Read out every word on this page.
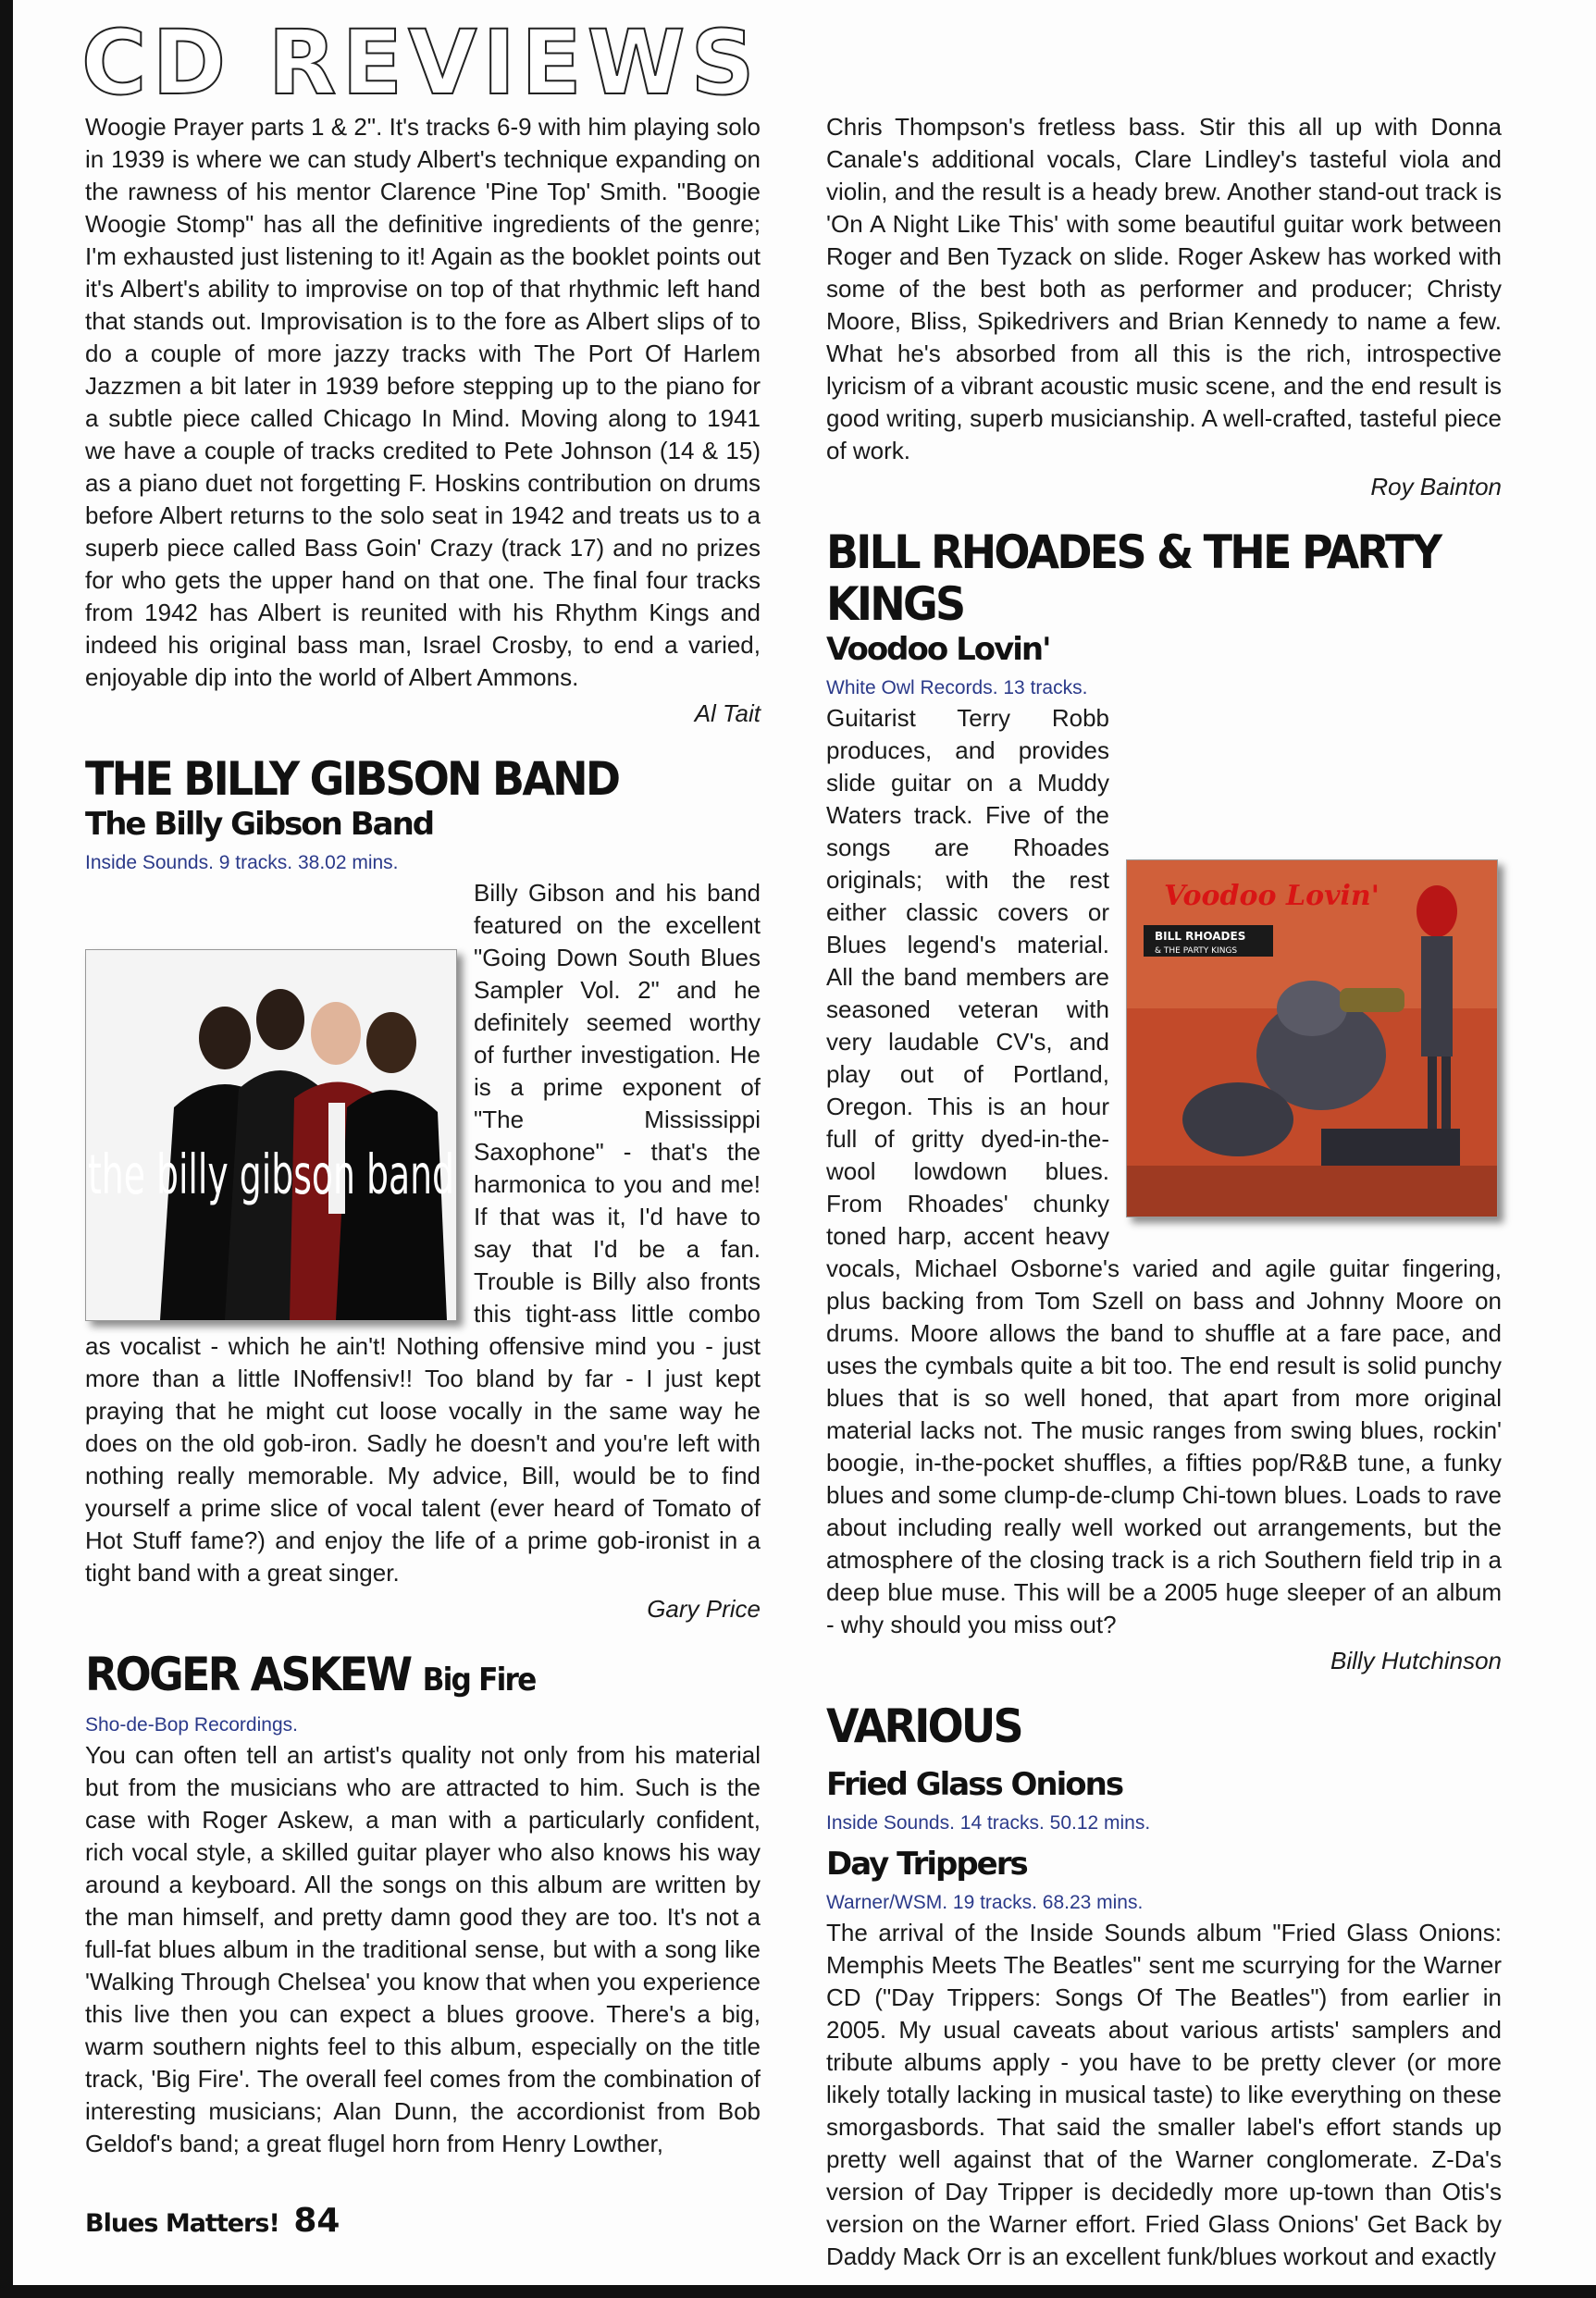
CD REVIEWS

Woogie Prayer parts 1 & 2". It's tracks 6-9 with him playing solo in 1939 is where we can study Albert's technique expanding on the rawness of his mentor Clarence 'Pine Top' Smith. "Boogie Woogie Stomp" has all the definitive ingredients of the genre; I'm exhausted just listening to it! Again as the booklet points out it's Albert's ability to improvise on top of that rhythmic left hand that stands out. Improvisation is to the fore as Albert slips of to do a couple of more jazzy tracks with The Port Of Harlem Jazzmen a bit later in 1939 before stepping up to the piano for a subtle piece called Chicago In Mind. Moving along to 1941 we have a couple of tracks credited to Pete Johnson (14 & 15) as a piano duet not forgetting F. Hoskins contribution on drums before Albert returns to the solo seat in 1942 and treats us to a superb piece called Bass Goin' Crazy (track 17) and no prizes for who gets the upper hand on that one. The final four tracks from 1942 has Albert is reunited with his Rhythm Kings and indeed his original bass man, Israel Crosby, to end a varied, enjoyable dip into the world of Albert Ammons.

Al Tait

THE BILLY GIBSON BAND
The Billy Gibson Band

Inside Sounds. 9 tracks. 38.02 mins.

the billy gibson band

Billy Gibson and his band featured on the excellent "Going Down South Blues Sampler Vol. 2" and he definitely seemed worthy of further investigation. He is a prime exponent of "The Mississippi Saxophone" - that's the harmonica to you and me! If that was it, I'd have to say that I'd be a fan. Trouble is Billy also fronts this tight-ass little combo as vocalist - which he ain't! Nothing offensive mind you - just more than a little INoffensiv!! Too bland by far - I just kept praying that he might cut loose vocally in the same way he does on the old gob-iron. Sadly he doesn't and you're left with nothing really memorable. My advice, Bill, would be to find yourself a prime slice of vocal talent (ever heard of Tomato of Hot Stuff fame?) and enjoy the life of a prime gob-ironist in a tight band with a great singer.

Gary Price

ROGER ASKEW Big Fire

Sho-de-Bop Recordings.

You can often tell an artist's quality not only from his material but from the musicians who are attracted to him. Such is the case with Roger Askew, a man with a particularly confident, rich vocal style, a skilled guitar player who also knows his way around a keyboard. All the songs on this album are written by the man himself, and pretty damn good they are too. It's not a full-fat blues album in the traditional sense, but with a song like 'Walking Through Chelsea' you know that when you experience this live then you can expect a blues groove. There's a big, warm southern nights feel to this album, especially on the title track, 'Big Fire'. The overall feel comes from the combination of interesting musicians; Alan Dunn, the accordionist from Bob Geldof's band; a great flugel horn from Henry Lowther,

Chris Thompson's fretless bass. Stir this all up with Donna Canale's additional vocals, Clare Lindley's tasteful viola and violin, and the result is a heady brew. Another stand-out track is 'On A Night Like This' with some beautiful guitar work between Roger and Ben Tyzack on slide. Roger Askew has worked with some of the best both as performer and producer; Christy Moore, Bliss, Spikedrivers and Brian Kennedy to name a few. What he's absorbed from all this is the rich, introspective lyricism of a vibrant acoustic music scene, and the end result is good writing, superb musicianship. A well-crafted, tasteful piece of work.

Roy Bainton

BILL RHOADES & THE PARTY KINGS
Voodoo Lovin'

White Owl Records. 13 tracks.

Voodoo Lovin'
BILL RHOADES
& THE PARTY KINGS

Guitarist Terry Robb produces, and provides slide guitar on a Muddy Waters track. Five of the songs are Rhoades originals; with the rest either classic covers or Blues legend's material. All the band members are seasoned veteran with very laudable CV's, and play out of Portland, Oregon. This is an hour full of gritty dyed-in-the-wool lowdown blues. From Rhoades' chunky toned harp, accent heavy vocals, Michael Osborne's varied and agile guitar fingering, plus backing from Tom Szell on bass and Johnny Moore on drums. Moore allows the band to shuffle at a fare pace, and uses the cymbals quite a bit too. The end result is solid punchy blues that is so well honed, that apart from more original material lacks not. The music ranges from swing blues, rockin' boogie, in-the-pocket shuffles, a fifties pop/R&B tune, a funky blues and some clump-de-clump Chi-town blues. Loads to rave about including really well worked out arrangements, but the atmosphere of the closing track is a rich Southern field trip in a deep blue muse. This will be a 2005 huge sleeper of an album - why should you miss out?

Billy Hutchinson

VARIOUS
Fried Glass Onions

Inside Sounds. 14 tracks. 50.12 mins.

Day Trippers

Warner/WSM. 19 tracks. 68.23 mins.

The arrival of the Inside Sounds album "Fried Glass Onions: Memphis Meets The Beatles" sent me scurrying for the Warner CD ("Day Trippers: Songs Of The Beatles") from earlier in 2005. My usual caveats about various artists' samplers and tribute albums apply - you have to be pretty clever (or more likely totally lacking in musical taste) to like everything on these smorgasbords. That said the smaller label's effort stands up pretty well against that of the Warner conglomerate. Z-Da's version of Day Tripper is decidedly more up-town than Otis's version on the Warner effort. Fried Glass Onions' Get Back by Daddy Mack Orr is an excellent funk/blues workout and exactly

Blues Matters! 84
